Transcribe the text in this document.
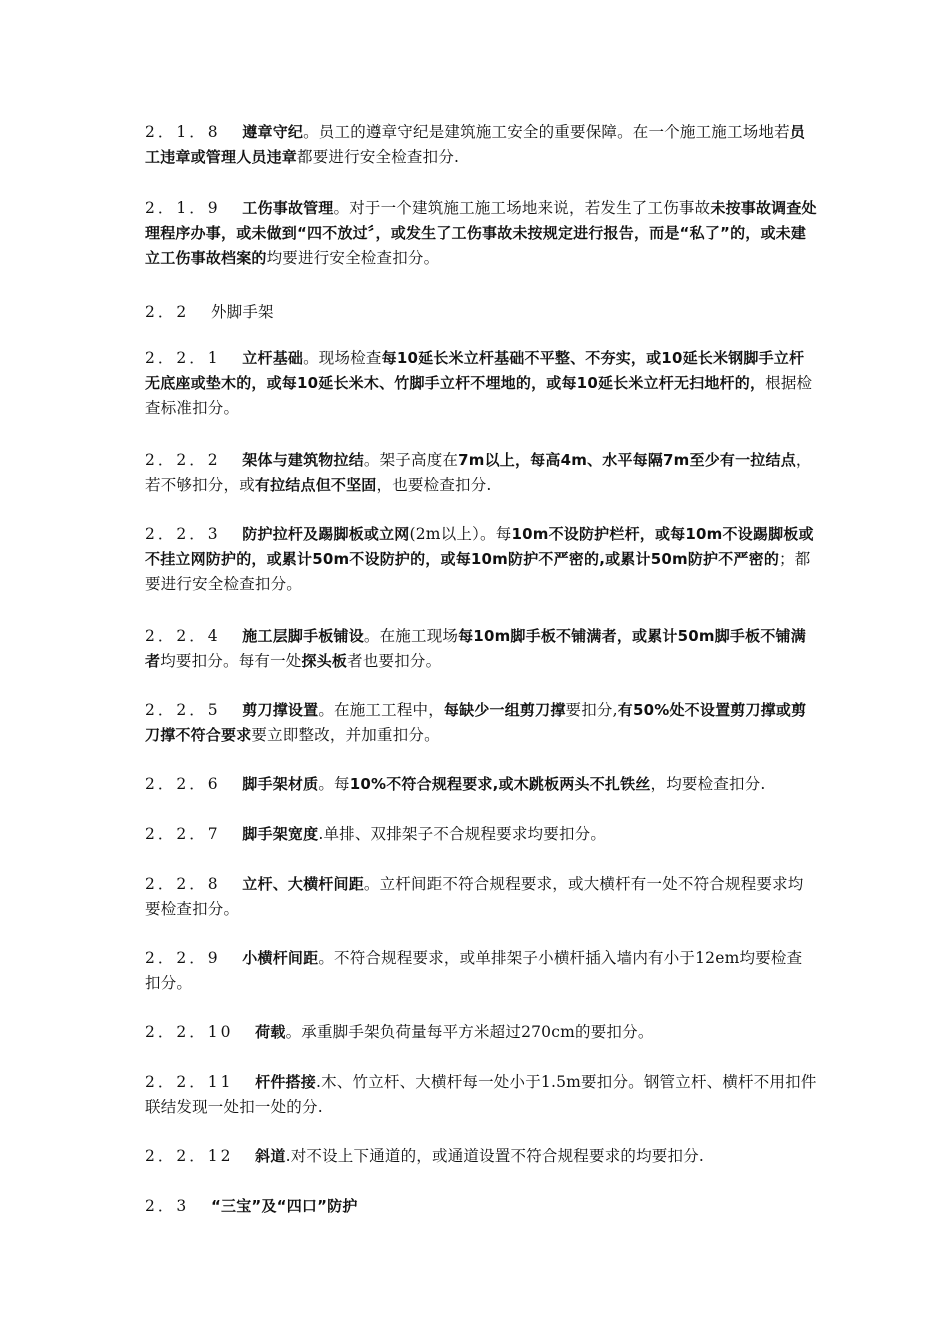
2．1．8  遵章守纪。员工的遵章守纪是建筑施工安全的重要保障。在一个施工施工场地若员工违章或管理人员违章都要进行安全检查扣分.

2．1．9  工伤事故管理。对于一个建筑施工施工场地来说，若发生了工伤事故未按事故调查处理程序办事，或未做到“四不放过〞，或发生了工伤事故未按规定进行报告，而是“私了”的，或未建立工伤事故档案的均要进行安全检查扣分。

2．2  外脚手架

2．2．1  立杆基础。现场检查每10延长米立杆基础不平整、不夯实，或10延长米钢脚手立杆无底座或垫木的，或每10延长米木、竹脚手立杆不埋地的，或每10延长米立杆无扫地杆的，根据检查标准扣分。

2．2．2  架体与建筑物拉结。架子高度在7m以上，每高4m、水平每隔7m至少有一拉结点，若不够扣分，或有拉结点但不坚固，也要检查扣分.

2．2．3  防护拉杆及踢脚板或立网(2m以上）。每10m不设防护栏杆，或每10m不设踢脚板或不挂立网防护的，或累计50m不设防护的，或每10m防护不严密的,或累计50m防护不严密的；都要进行安全检查扣分。

2．2．4  施工层脚手板铺设。在施工现场每10m脚手板不铺满者，或累计50m脚手板不铺满者均要扣分。每有一处探头板者也要扣分。

2．2．5  剪刀撑设置。在施工工程中，每缺少一组剪刀撑要扣分,有50%处不设置剪刀撑或剪刀撑不符合要求要立即整改，并加重扣分。

2．2．6  脚手架材质。每10%不符合规程要求,或木跳板两头不扎铁丝，均要检查扣分.

2．2．7  脚手架宽度.单排、双排架子不合规程要求均要扣分。

2．2．8  立杆、大横杆间距。立杆间距不符合规程要求，或大横杆有一处不符合规程要求均要检查扣分。

2．2．9  小横杆间距。不符合规程要求，或单排架子小横杆插入墙内有小于12em均要检查扣分。

2．2．10  荷载。承重脚手架负荷量每平方米超过270cm的要扣分。

2．2．11  杆件搭接.木、竹立杆、大横杆每一处小于1.5m要扣分。钢管立杆、横杆不用扣件联结发现一处扣一处的分.

2．2．12  斜道.对不设上下通道的，或通道设置不符合规程要求的均要扣分.

2．3  “三宝”及“四口”防护
